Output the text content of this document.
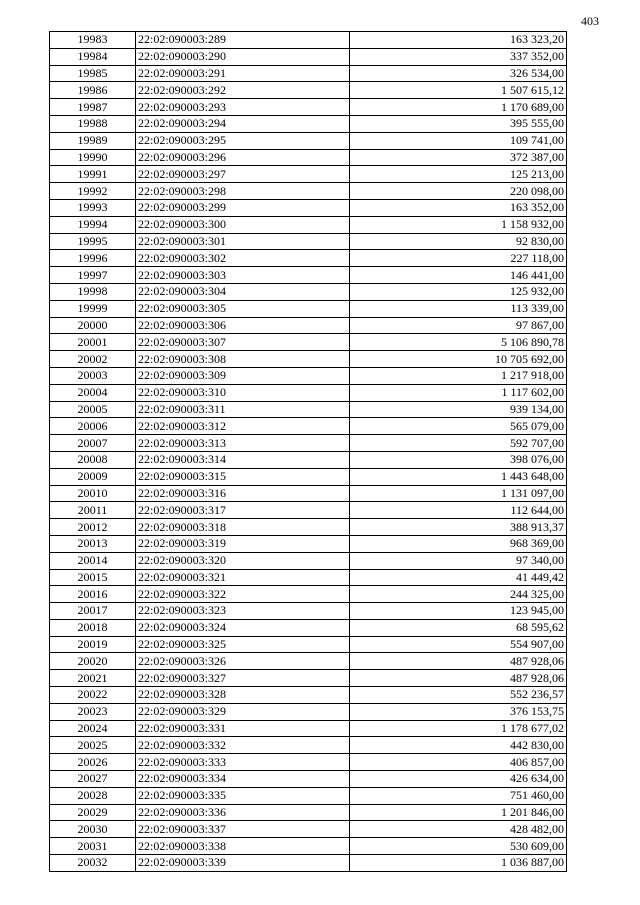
403
19983	22:02:090003:289	163 323,20
19984	22:02:090003:290	337 352,00
19985	22:02:090003:291	326 534,00
19986	22:02:090003:292	1 507 615,12
19987	22:02:090003:293	1 170 689,00
19988	22:02:090003:294	395 555,00
19989	22:02:090003:295	109 741,00
19990	22:02:090003:296	372 387,00
19991	22:02:090003:297	125 213,00
19992	22:02:090003:298	220 098,00
19993	22:02:090003:299	163 352,00
19994	22:02:090003:300	1 158 932,00
19995	22:02:090003:301	92 830,00
19996	22:02:090003:302	227 118,00
19997	22:02:090003:303	146 441,00
19998	22:02:090003:304	125 932,00
19999	22:02:090003:305	113 339,00
20000	22:02:090003:306	97 867,00
20001	22:02:090003:307	5 106 890,78
20002	22:02:090003:308	10 705 692,00
20003	22:02:090003:309	1 217 918,00
20004	22:02:090003:310	1 117 602,00
20005	22:02:090003:311	939 134,00
20006	22:02:090003:312	565 079,00
20007	22:02:090003:313	592 707,00
20008	22:02:090003:314	398 076,00
20009	22:02:090003:315	1 443 648,00
20010	22:02:090003:316	1 131 097,00
20011	22:02:090003:317	112 644,00
20012	22:02:090003:318	388 913,37
20013	22:02:090003:319	968 369,00
20014	22:02:090003:320	97 340,00
20015	22:02:090003:321	41 449,42
20016	22:02:090003:322	244 325,00
20017	22:02:090003:323	123 945,00
20018	22:02:090003:324	68 595,62
20019	22:02:090003:325	554 907,00
20020	22:02:090003:326	487 928,06
20021	22:02:090003:327	487 928,06
20022	22:02:090003:328	552 236,57
20023	22:02:090003:329	376 153,75
20024	22:02:090003:331	1 178 677,02
20025	22:02:090003:332	442 830,00
20026	22:02:090003:333	406 857,00
20027	22:02:090003:334	426 634,00
20028	22:02:090003:335	751 460,00
20029	22:02:090003:336	1 201 846,00
20030	22:02:090003:337	428 482,00
20031	22:02:090003:338	530 609,00
20032	22:02:090003:339	1 036 887,00
